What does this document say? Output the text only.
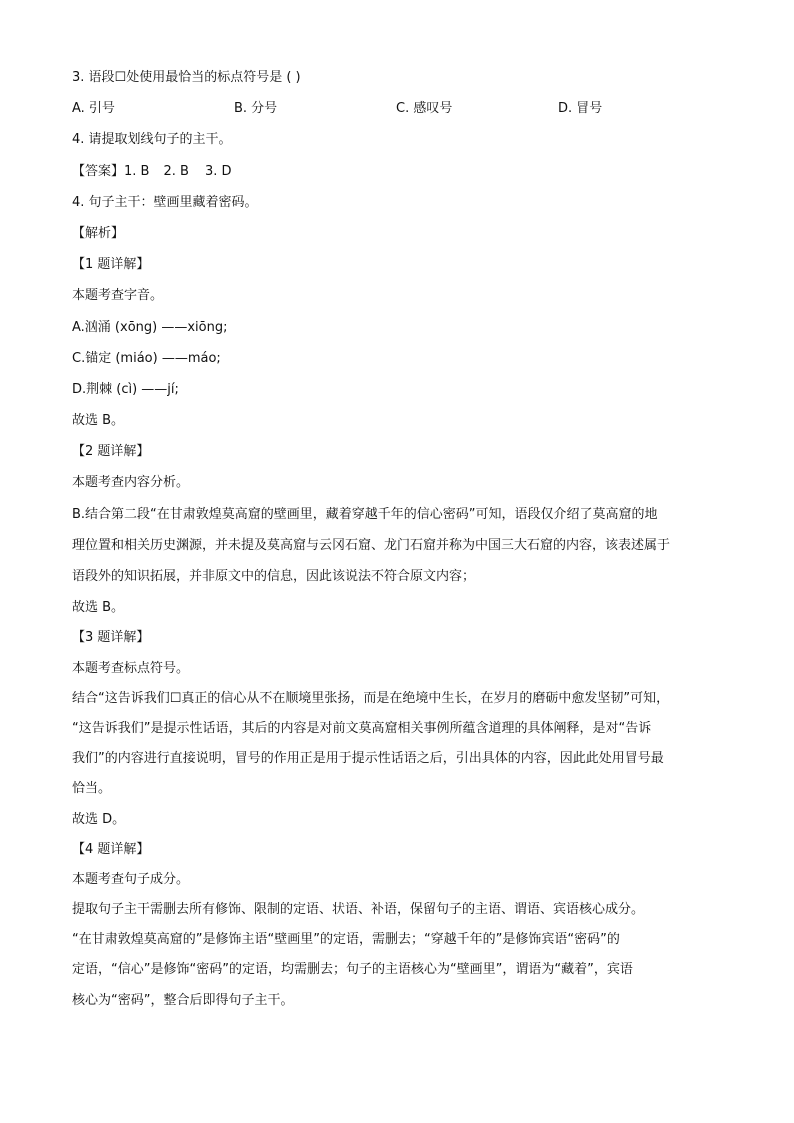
3. 语段☐处使用最恰当的标点符号是 ( )
A. 引号	B. 分号	C. 感叹号	D. 冒号
4. 请提取划线句子的主干。
【答案】1. B 2. B 3. D
4. 句子主干：壁画里藏着密码。
【解析】
【1 题详解】
本题考查字音。
A.汹涌 (xōng) ——xiōng;
C.锚定 (miáo) ——máo;
D.荆棘 (cì) ——jí;
故选 B。
【2 题详解】
本题考查内容分析。
B.结合第二段“在甘肃敦煌莫高窟的壁画里，藏着穿越千年的信心密码”可知，语段仅介绍了莫高窟的地
理位置和相关历史渊源，并未提及莫高窟与云冈石窟、龙门石窟并称为中国三大石窟的内容，该表述属于
语段外的知识拓展，并非原文中的信息，因此该说法不符合原文内容；
故选 B。
【3 题详解】
本题考查标点符号。
结合“这告诉我们☐真正的信心从不在顺境里张扬，而是在绝境中生长，在岁月的磨砺中愈发坚韧”可知，
“这告诉我们”是提示性话语，其后的内容是对前文莫高窟相关事例所蕴含道理的具体阐释，是对“告诉
我们”的内容进行直接说明，冒号的作用正是用于提示性话语之后，引出具体的内容，因此此处用冒号最
恰当。
故选 D。
【4 题详解】
本题考查句子成分。
提取句子主干需删去所有修饰、限制的定语、状语、补语，保留句子的主语、谓语、宾语核心成分。
“在甘肃敦煌莫高窟的”是修饰主语“壁画里”的定语，需删去；“穿越千年的”是修饰宾语“密码”的
定语，“信心”是修饰“密码”的定语，均需删去；句子的主语核心为“壁画里”，谓语为“藏着”，宾语
核心为“密码”，整合后即得句子主干。
